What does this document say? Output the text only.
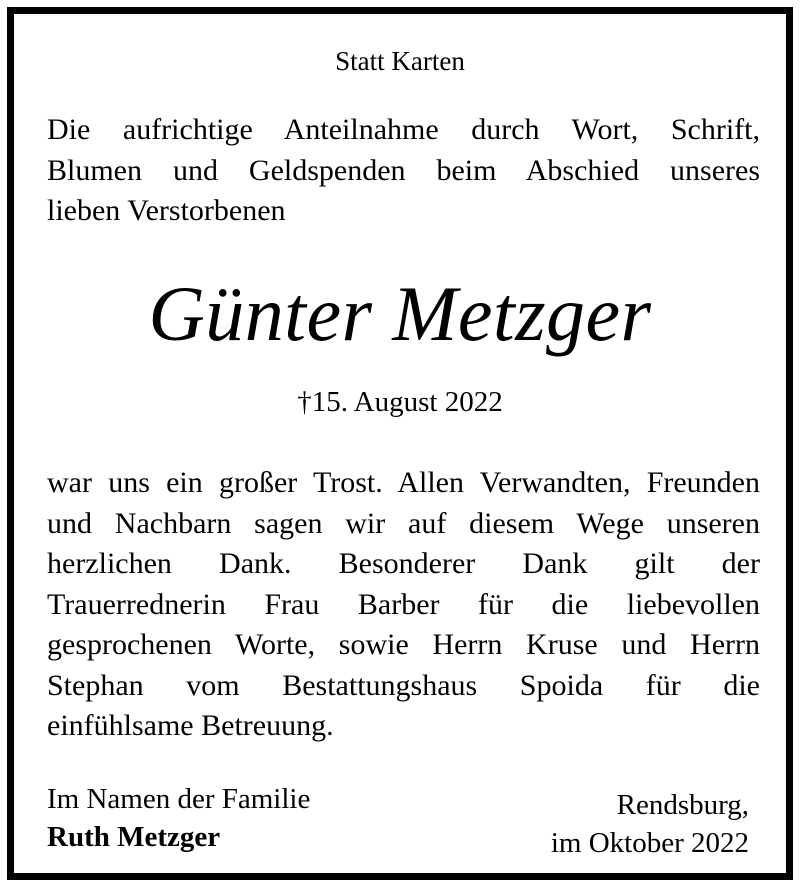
Statt Karten
Die aufrichtige Anteilnahme durch Wort, Schrift,
Blumen und Geldspenden beim Abschied unseres
lieben Verstorbenen
Günter Metzger
†15. August 2022
war uns ein großer Trost. Allen Verwandten, Freunden
und Nachbarn sagen wir auf diesem Wege unseren
herzlichen Dank. Besonderer Dank gilt der
Trauerrednerin Frau Barber für die liebevollen
gesprochenen Worte, sowie Herrn Kruse und Herrn
Stephan vom Bestattungshaus Spoida für die
einfühlsame Betreuung.
Im Namen der Familie
Ruth Metzger
Rendsburg,
im Oktober 2022
